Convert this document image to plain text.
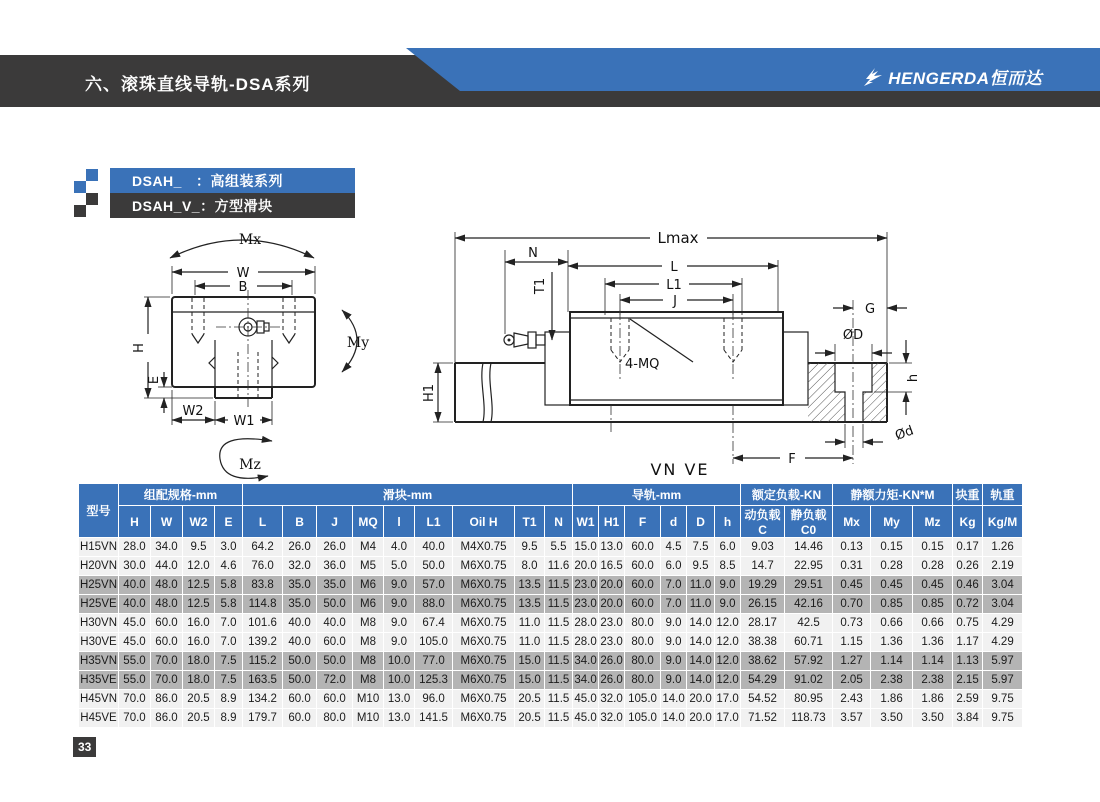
六、滚珠直线导轨-DSA系列	HENGERDA恒而达
DSAH_ ：高组装系列
DSAH_V_ ：方型滑块
Mx
W
B
H
E
W2
W1
My
Mz
Lmax
N
L
L1
J
T1
4-MQ
G
ØD
h
H1
F
Ød
VN VE
型号	组配规格-mm				滑块-mm									导轨-mm						额定负载-KN		静额力矩-KN*M			块重	轨重
	H	W	W2	E	L	B	J	MQ	l	L1	Oil H	T1	N	W1	H1	F	d	D	h	动负载C	静负载C0	Mx	My	Mz	Kg	Kg/M
H15VN	28.0	34.0	9.5	3.0	64.2	26.0	26.0	M4	4.0	40.0	M4X0.75	9.5	5.5	15.0	13.0	60.0	4.5	7.5	6.0	9.03	14.46	0.13	0.15	0.15	0.17	1.26
H20VN	30.0	44.0	12.0	4.6	76.0	32.0	36.0	M5	5.0	50.0	M6X0.75	8.0	11.6	20.0	16.5	60.0	6.0	9.5	8.5	14.7	22.95	0.31	0.28	0.28	0.26	2.19
H25VN	40.0	48.0	12.5	5.8	83.8	35.0	35.0	M6	9.0	57.0	M6X0.75	13.5	11.5	23.0	20.0	60.0	7.0	11.0	9.0	19.29	29.51	0.45	0.45	0.45	0.46	3.04
H25VE	40.0	48.0	12.5	5.8	114.8	35.0	50.0	M6	9.0	88.0	M6X0.75	13.5	11.5	23.0	20.0	60.0	7.0	11.0	9.0	26.15	42.16	0.70	0.85	0.85	0.72	3.04
H30VN	45.0	60.0	16.0	7.0	101.6	40.0	40.0	M8	9.0	67.4	M6X0.75	11.0	11.5	28.0	23.0	80.0	9.0	14.0	12.0	28.17	42.5	0.73	0.66	0.66	0.75	4.29
H30VE	45.0	60.0	16.0	7.0	139.2	40.0	60.0	M8	9.0	105.0	M6X0.75	11.0	11.5	28.0	23.0	80.0	9.0	14.0	12.0	38.38	60.71	1.15	1.36	1.36	1.17	4.29
H35VN	55.0	70.0	18.0	7.5	115.2	50.0	50.0	M8	10.0	77.0	M6X0.75	15.0	11.5	34.0	26.0	80.0	9.0	14.0	12.0	38.62	57.92	1.27	1.14	1.14	1.13	5.97
H35VE	55.0	70.0	18.0	7.5	163.5	50.0	72.0	M8	10.0	125.3	M6X0.75	15.0	11.5	34.0	26.0	80.0	9.0	14.0	12.0	54.29	91.02	2.05	2.38	2.38	2.15	5.97
H45VN	70.0	86.0	20.5	8.9	134.2	60.0	60.0	M10	13.0	96.0	M6X0.75	20.5	11.5	45.0	32.0	105.0	14.0	20.0	17.0	54.52	80.95	2.43	1.86	1.86	2.59	9.75
H45VE	70.0	86.0	20.5	8.9	179.7	60.0	80.0	M10	13.0	141.5	M6X0.75	20.5	11.5	45.0	32.0	105.0	14.0	20.0	17.0	71.52	118.73	3.57	3.50	3.50	3.84	9.75
33
